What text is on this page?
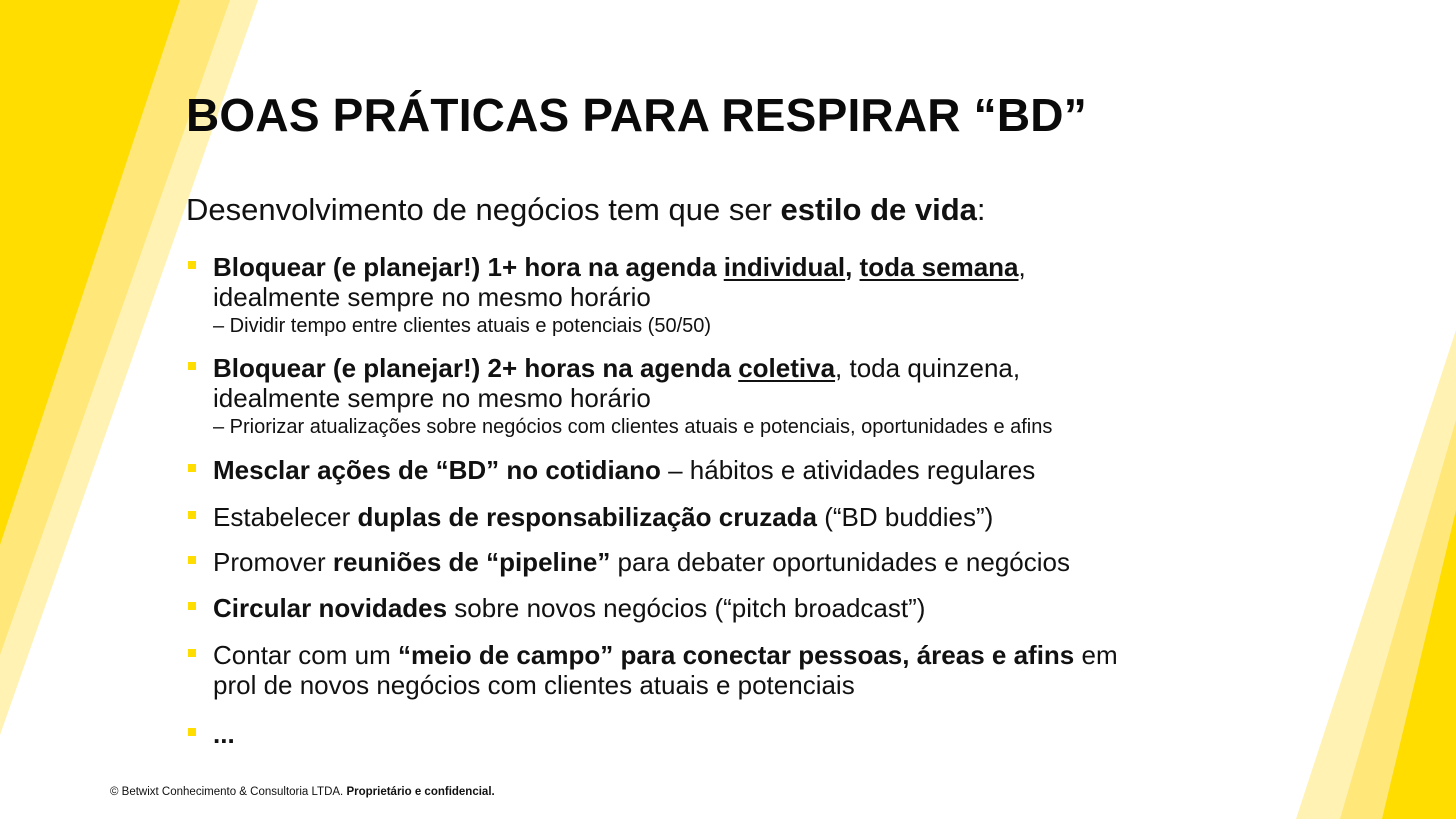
BOAS PRÁTICAS PARA RESPIRAR “BD”

Desenvolvimento de negócios tem que ser estilo de vida:

Bloquear (e planejar!) 1+ hora na agenda individual, toda semana,
idealmente sempre no mesmo horário
– Dividir tempo entre clientes atuais e potenciais (50/50)
Bloquear (e planejar!) 2+ horas na agenda coletiva, toda quinzena,
idealmente sempre no mesmo horário
– Priorizar atualizações sobre negócios com clientes atuais e potenciais, oportunidades e afins
Mesclar ações de “BD” no cotidiano – hábitos e atividades regulares
Estabelecer duplas de responsabilização cruzada (“BD buddies”)
Promover reuniões de “pipeline” para debater oportunidades e negócios
Circular novidades sobre novos negócios (“pitch broadcast”)
Contar com um “meio de campo” para conectar pessoas, áreas e afins em
prol de novos negócios com clientes atuais e potenciais
...
© Betwixt Conhecimento & Consultoria LTDA. Proprietário e confidencial.
